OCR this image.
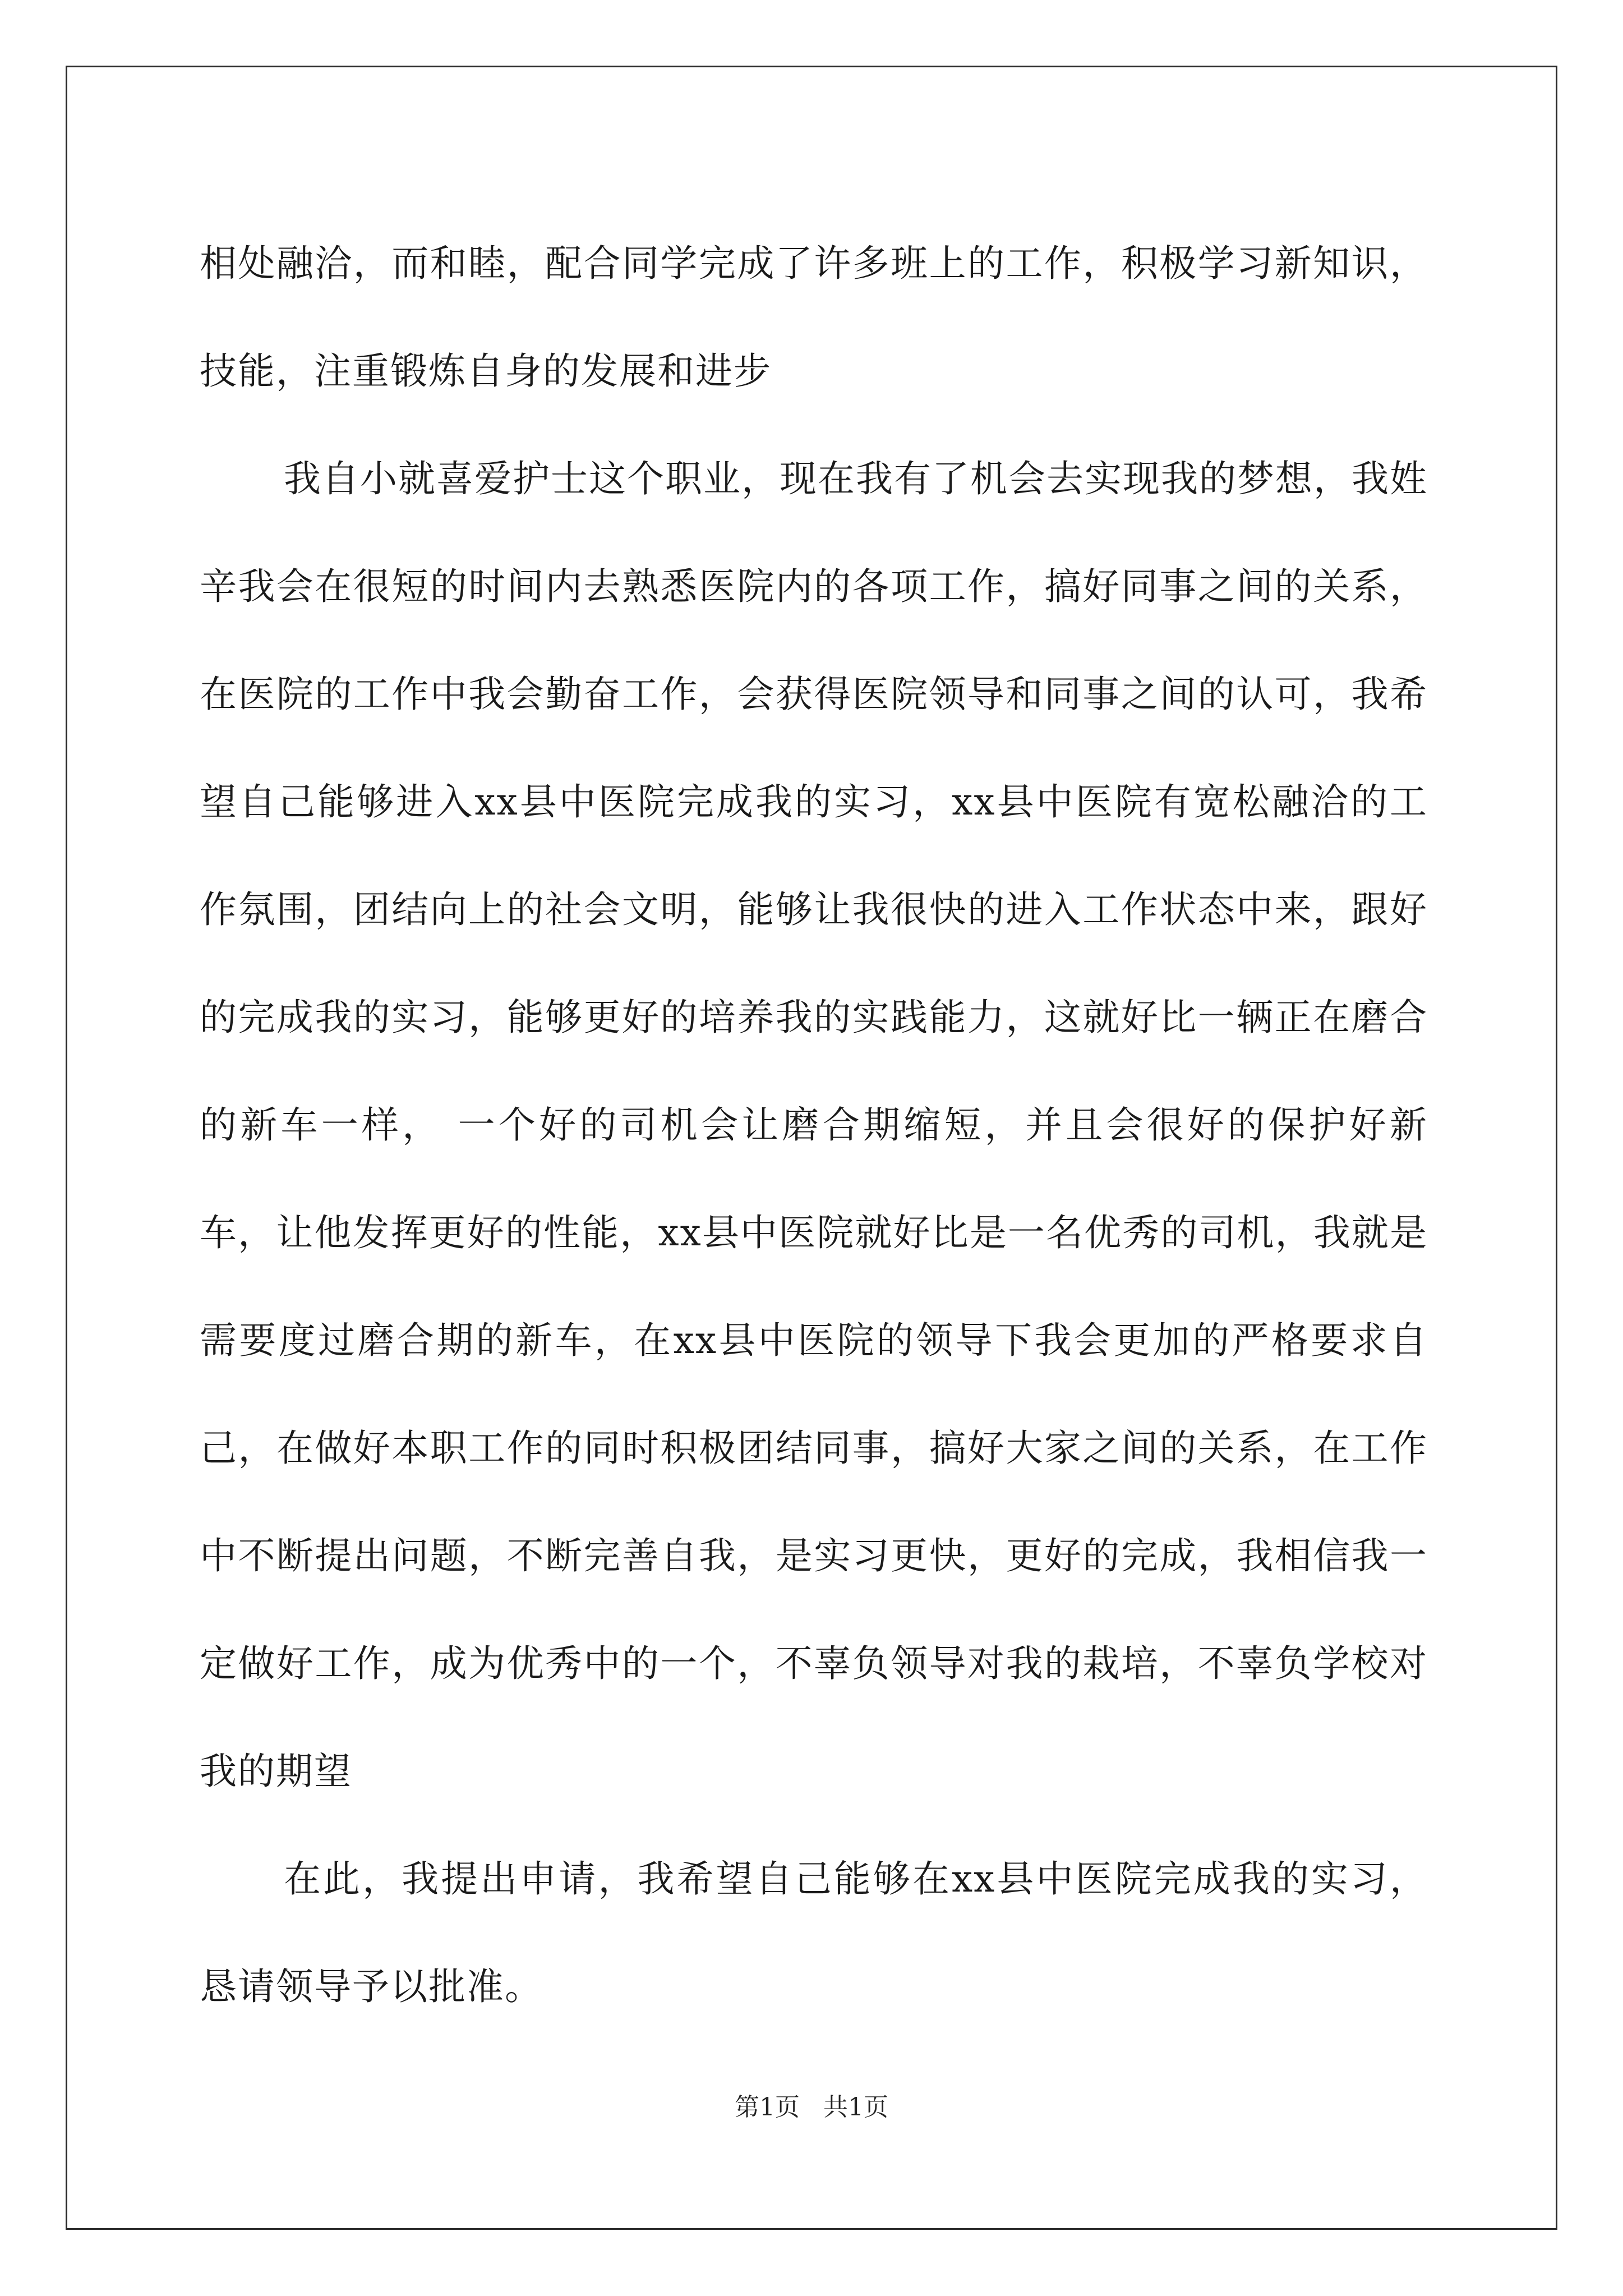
相处融洽，而和睦，配合同学完成了许多班上的工作，积极学习新知识，技能，注重锻炼自身的发展和进步

我自小就喜爱护士这个职业，现在我有了机会去实现我的梦想，我姓辛我会在很短的时间内去熟悉医院内的各项工作，搞好同事之间的关系，在医院的工作中我会勤奋工作，会获得医院领导和同事之间的认可，我希望自己能够进入xx县中医院完成我的实习，xx县中医院有宽松融洽的工作氛围，团结向上的社会文明，能够让我很快的进入工作状态中来，跟好的完成我的实习，能够更好的培养我的实践能力，这就好比一辆正在磨合的新车一样， 一个好的司机会让磨合期缩短，并且会很好的保护好新车，让他发挥更好的性能，xx县中医院就好比是一名优秀的司机，我就是需要度过磨合期的新车，在xx县中医院的领导下我会更加的严格要求自己，在做好本职工作的同时积极团结同事，搞好大家之间的关系，在工作中不断提出问题，不断完善自我，是实习更快，更好的完成，我相信我一定做好工作，成为优秀中的一个，不辜负领导对我的栽培，不辜负学校对我的期望

在此，我提出申请，我希望自己能够在xx县中医院完成我的实习，恳请领导予以批准。

第1页 共1页
